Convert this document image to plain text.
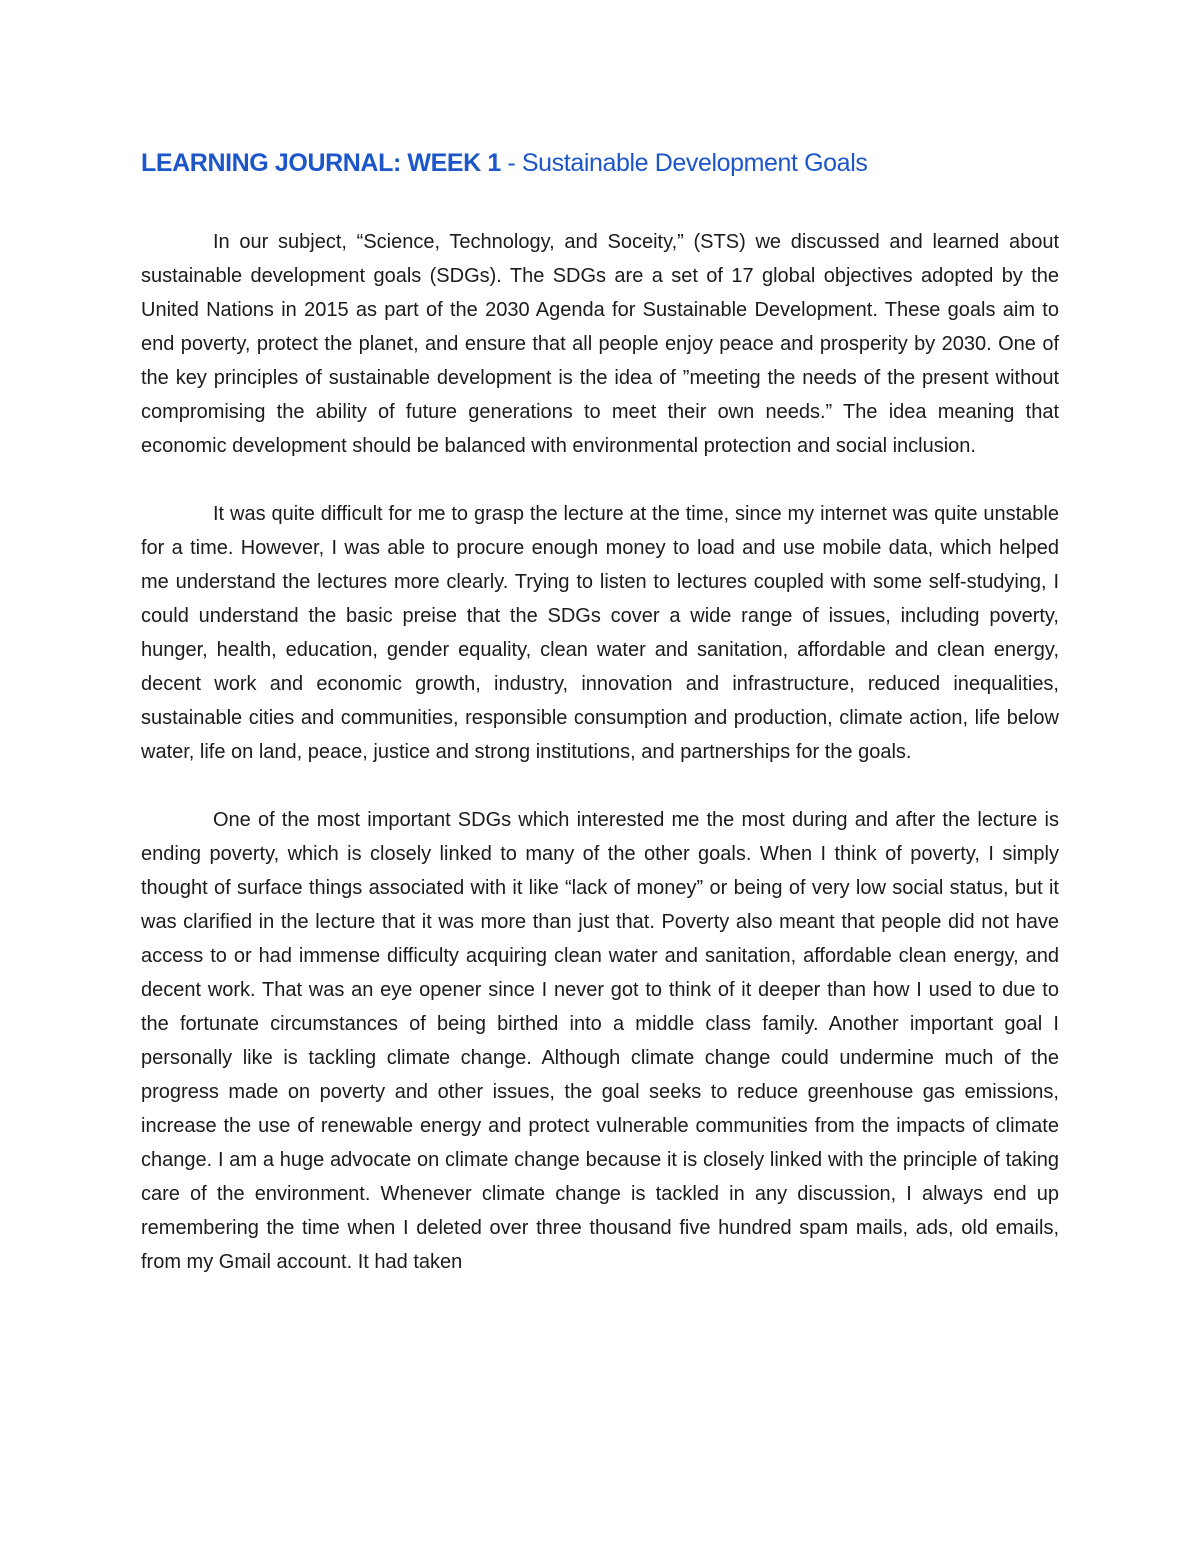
LEARNING JOURNAL: WEEK 1 - Sustainable Development Goals

In our subject, “Science, Technology, and Soceity,” (STS) we discussed and learned about sustainable development goals (SDGs). The SDGs are a set of 17 global objectives adopted by the United Nations in 2015 as part of the 2030 Agenda for Sustainable Development. These goals aim to end poverty, protect the planet, and ensure that all people enjoy peace and prosperity by 2030. One of the key principles of sustainable development is the idea of ”meeting the needs of the present without compromising the ability of future generations to meet their own needs.” The idea meaning that economic development should be balanced with environmental protection and social inclusion.

It was quite difficult for me to grasp the lecture at the time, since my internet was quite unstable for a time. However, I was able to procure enough money to load and use mobile data, which helped me understand the lectures more clearly. Trying to listen to lectures coupled with some self-studying, I could understand the basic preise that the SDGs cover a wide range of issues, including poverty, hunger, health, education, gender equality, clean water and sanitation, affordable and clean energy, decent work and economic growth, industry, innovation and infrastructure, reduced inequalities, sustainable cities and communities, responsible consumption and production, climate action, life below water, life on land, peace, justice and strong institutions, and partnerships for the goals.

One of the most important SDGs which interested me the most during and after the lecture is ending poverty, which is closely linked to many of the other goals. When I think of poverty, I simply thought of surface things associated with it like “lack of money” or being of very low social status, but it was clarified in the lecture that it was more than just that. Poverty also meant that people did not have access to or had immense difficulty acquiring clean water and sanitation, affordable clean energy, and decent work. That was an eye opener since I never got to think of it deeper than how I used to due to the fortunate circumstances of being birthed into a middle class family. Another important goal I personally like is tackling climate change. Although climate change could undermine much of the progress made on poverty and other issues, the goal seeks to reduce greenhouse gas emissions, increase the use of renewable energy and protect vulnerable communities from the impacts of climate change. I am a huge advocate on climate change because it is closely linked with the principle of taking care of the environment. Whenever climate change is tackled in any discussion, I always end up remembering the time when I deleted over three thousand five hundred spam mails, ads, old emails, from my Gmail account. It had taken
